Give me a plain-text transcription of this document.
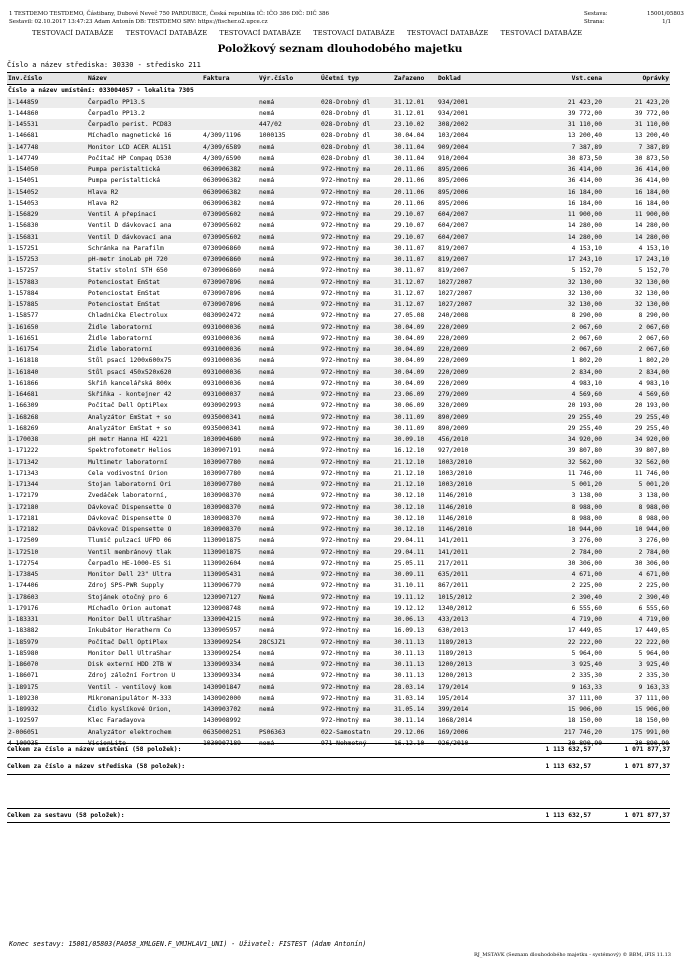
1 TESTDEMO TESTDEMO, Částibany, Dubové Neveč 750 PARDUBICE, Česká republika IČ: IČO 386 DIČ: DIČ 386
Sestavil: 02.10.2017 13:47:23 Adam Antonín DB: TESTDEMO SRV: https://fischer.o2.upce.cz
Sestava:	15001/05803
Strana:	1/1
TESTOVACÍ DATABÁZE TESTOVACÍ DATABÁZE TESTOVACÍ DATABÁZE TESTOVACÍ DATABÁZE TESTOVACÍ DATABÁZE TESTOVACÍ DATABÁZE
Položkový seznam dlouhodobého majetku
Číslo a název střediska: 30330 - středisko 211
Inv.číslo	Název	Faktura	Výr.číslo	Účetní typ	Zařazeno	Doklad	Vst.cena	Oprávky
Číslo a název umístění: 033004057 - lokalita 7305								
1-144859	Čerpadlo PP13.S		nemá	028-Drobný dl	31.12.01	934/2001	21 423,20	21 423,20
1-144860	Čerpadlo PP13.2		nemá	028-Drobný dl	31.12.01	934/2001	39 772,00	39 772,00
1-145531	Čerpadlo perist. PCD83		447/02	028-Drobný dl	23.10.02	308/2002	31 110,00	31 110,00
1-146681	Míchadlo magnetické 16	4/309/1196	1000135	028-Drobný dl	30.04.04	103/2004	13 200,40	13 200,40
1-147748	Monitor LCD ACER AL151	4/309/6589	nemá	028-Drobný dl	30.11.04	909/2004	7 387,89	7 387,89
1-147749	Počítač HP Compaq D530	4/309/6590	nemá	028-Drobný dl	30.11.04	910/2004	30 873,50	30 873,50
1-154050	Pumpa peristaltická	0630906382	nemá	972-Hmotný ma	20.11.06	895/2006	36 414,00	36 414,00
1-154051	Pumpa peristaltická	0630906382	nemá	972-Hmotný ma	20.11.06	895/2006	36 414,00	36 414,00
1-154052	Hlava R2	0630906382	nemá	972-Hmotný ma	20.11.06	895/2006	16 184,00	16 184,00
1-154053	Hlava R2	0630906382	nemá	972-Hmotný ma	20.11.06	895/2006	16 184,00	16 184,00
1-156829	Ventil A přepínací	0730905602	nemá	972-Hmotný ma	29.10.07	604/2007	11 900,00	11 900,00
1-156830	Ventil D dávkovací ana	0730905602	nemá	972-Hmotný ma	29.10.07	604/2007	14 280,00	14 280,00
1-156831	Ventil D dávkovací ana	0730905602	nemá	972-Hmotný ma	29.10.07	604/2007	14 280,00	14 280,00
1-157251	Schránka na Parafilm	0730906860	nemá	972-Hmotný ma	30.11.07	819/2007	4 153,10	4 153,10
1-157253	pH-metr inoLab pH 720	0730906860	nemá	972-Hmotný ma	30.11.07	819/2007	17 243,10	17 243,10
1-157257	Stativ stolní STH 650	0730906860	nemá	972-Hmotný ma	30.11.07	819/2007	5 152,70	5 152,70
1-157883	Potenciostat EmStat	0730907896	nemá	972-Hmotný ma	31.12.07	1027/2007	32 130,00	32 130,00
1-157884	Potenciostat EmStat	0730907896	nemá	972-Hmotný ma	31.12.07	1027/2007	32 130,00	32 130,00
1-157885	Potenciostat EmStat	0730907896	nemá	972-Hmotný ma	31.12.07	1027/2007	32 130,00	32 130,00
1-158577	Chladnička Electrolux	0830902472	nemá	972-Hmotný ma	27.05.08	240/2008	8 290,00	8 290,00
1-161650	Židle laboratorní	0931000036	nemá	972-Hmotný ma	30.04.09	220/2009	2 067,60	2 067,60
1-161651	Židle laboratorní	0931000036	nemá	972-Hmotný ma	30.04.09	220/2009	2 067,60	2 067,60
1-161754	Židle laboratorní	0931000036	nemá	972-Hmotný ma	30.04.09	220/2009	2 067,60	2 067,60
1-161818	Stůl psací 1200x600x75	0931000036	nemá	972-Hmotný ma	30.04.09	220/2009	1 802,20	1 802,20
1-161840	Stůl psací 450x520x620	0931000036	nemá	972-Hmotný ma	30.04.09	220/2009	2 834,00	2 834,00
1-161866	Skříň kancelářská 800x	0931000036	nemá	972-Hmotný ma	30.04.09	220/2009	4 983,10	4 983,10
1-164681	Skříňka - kontejner 42	0931000037	nemá	972-Hmotný ma	23.06.09	279/2009	4 569,60	4 569,60
1-166309	Počítač Dell OptiPlex	0930902993	nemá	972-Hmotný ma	30.06.09	320/2009	20 193,00	20 193,00
1-168268	Analyzátor EmStat + so	0935000341	nemá	972-Hmotný ma	30.11.09	890/2009	29 255,40	29 255,40
1-168269	Analyzátor EmStat + so	0935000341	nemá	972-Hmotný ma	30.11.09	890/2009	29 255,40	29 255,40
1-170038	pH metr Hanna HI 4221	1030904680	nemá	972-Hmotný ma	30.09.10	456/2010	34 920,00	34 920,00
1-171222	Spektrofotometr Helios	1030907191	nemá	972-Hmotný ma	16.12.10	927/2010	39 807,80	39 807,80
1-171342	Multimetr laboratorní	1030907780	nemá	972-Hmotný ma	21.12.10	1003/2010	32 562,00	32 562,00
1-171343	Cela vodivostní Orion	1030907780	nemá	972-Hmotný ma	21.12.10	1003/2010	11 746,00	11 746,00
1-171344	Stojan laboratorní Ori	1030907780	nemá	972-Hmotný ma	21.12.10	1003/2010	5 001,20	5 001,20
1-172179	Zvedáček laboratorní,	1030908370	nemá	972-Hmotný ma	30.12.10	1146/2010	3 138,00	3 138,00
1-172180	Dávkovač Dispensette O	1030908370	nemá	972-Hmotný ma	30.12.10	1146/2010	8 988,00	8 988,00
1-172181	Dávkovač Dispensette O	1030908370	nemá	972-Hmotný ma	30.12.10	1146/2010	8 988,00	8 988,00
1-172182	Dávkovač Dispensette O	1030908370	nemá	972-Hmotný ma	30.12.10	1146/2010	10 944,00	10 944,00
1-172509	Tlumič pulzací UFPD 06	1130901875	nemá	972-Hmotný ma	29.04.11	141/2011	3 276,00	3 276,00
1-172510	Ventil membránový tlak	1130901875	nemá	972-Hmotný ma	29.04.11	141/2011	2 784,00	2 784,00
1-172754	Čerpadlo HE-1000-ES Si	1130902604	nemá	972-Hmotný ma	25.05.11	217/2011	30 306,00	30 306,00
1-173845	Monitor Dell 23" Ultra	1130905431	nemá	972-Hmotný ma	30.09.11	635/2011	4 671,00	4 671,00
1-174406	Zdroj SPS-PWR Supply	1130906779	nemá	972-Hmotný ma	31.10.11	867/2011	2 225,00	2 225,00
1-178603	Stojánek otočný pro 6	1230907127	Nemá	972-Hmotný ma	19.11.12	1015/2012	2 390,40	2 390,40
1-179176	Míchadlo Orion automat	1230908748	nemá	972-Hmotný ma	19.12.12	1340/2012	6 555,60	6 555,60
1-183331	Monitor Dell UltraShar	1330904215	nemá	972-Hmotný ma	30.06.13	433/2013	4 719,00	4 719,00
1-183882	Inkubátor Heratherm Co	1330905957	nemá	972-Hmotný ma	16.09.13	630/2013	17 449,05	17 449,05
1-185979	Počítač Dell OptiPlex	1330909254	28CSJZ1	972-Hmotný ma	30.11.13	1189/2013	22 222,00	22 222,00
1-185980	Monitor Dell UltraShar	1330909254	nemá	972-Hmotný ma	30.11.13	1189/2013	5 964,00	5 964,00
1-186070	Disk externí HDD 2TB W	1330909334	nemá	972-Hmotný ma	30.11.13	1200/2013	3 925,40	3 925,40
1-186071	Zdroj záložní Fortron U	1330909334	nemá	972-Hmotný ma	30.11.13	1200/2013	2 335,30	2 335,30
1-189175	Ventil - ventilový kom	1430901847	nemá	972-Hmotný ma	28.03.14	179/2014	9 163,33	9 163,33
1-189230	Mikromanipulátor M-333	1430902000	nemá	972-Hmotný ma	31.03.14	195/2014	37 111,00	37 111,00
1-189932	Čidlo kyslíkové Orion,	1430903702	nemá	972-Hmotný ma	31.05.14	399/2014	15 906,00	15 906,00
1-192597	Klec Faradayova	1430908992		972-Hmotný ma	30.11.14	1068/2014	18 150,00	18 150,00
2-006051	Analyzátor elektrochem	0635000251	PS06363	022-Samostatn	29.12.06	169/2006	217 746,20	175 991,00
4-100935	VisionLite	1030907189	nemá	971-Nehmotný	16.12.10	926/2010	30 890,90	30 890,90
Celkem za číslo a název umístění (58 položek):	1 113 632,57	1 071 877,37
Celkem za číslo a název střediska (58 položek):	1 113 632,57	1 071 877,37
Celkem za sestavu (58 položek):	1 113 632,57	1 071 877,37
Konec sestavy: 15001/05803(PA058_XMLGEN.F_VMJHLAV1_UNI) - Uživatel: FISTEST (Adam Antonín)
RJ_MSTAVK (Seznam dlouhodobého majetku - systémový) © BBM, iFIS 11.13
